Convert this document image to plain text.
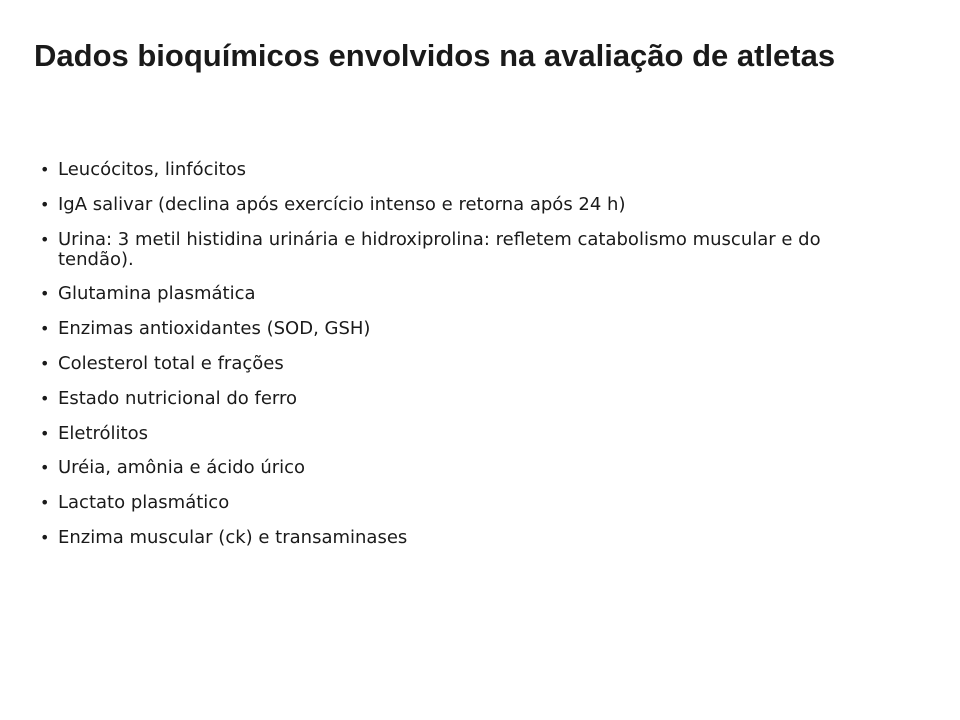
Dados bioquímicos envolvidos na avaliação de atletas
• Leucócitos, linfócitos
• IgA salivar (declina após exercício intenso e retorna após 24 h)
• Urina: 3 metil histidina urinária e hidroxiprolina: refletem catabolismo muscular e do tendão).
• Glutamina plasmática
• Enzimas antioxidantes (SOD, GSH)
• Colesterol total e frações
• Estado nutricional do ferro
• Eletrólitos
• Uréia, amônia e ácido úrico
• Lactato plasmático
• Enzima muscular (ck) e transaminases
